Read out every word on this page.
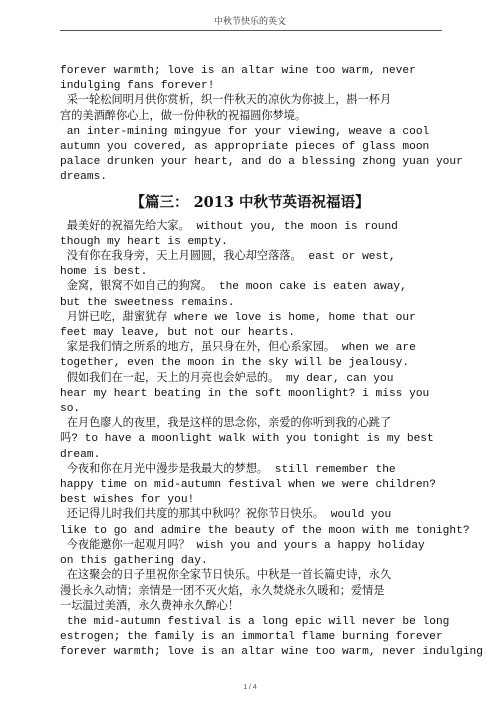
中秋节快乐的英文
forever warmth; love is an altar wine too warm, never
indulging fans forever!
采一轮松间明月供你赏析，织一件秋天的凉伙为你披上，斟一杯月
宫的美酒醉你心上，做一份仲秋的祝福圆你梦境。
an inter-mining mingyue for your viewing, weave a cool
autumn you covered, as appropriate pieces of glass moon
palace drunken your heart, and do a blessing zhong yuan your
dreams.
【篇三： 2013 中秋节英语祝福语】
最美好的祝福先给大家。 without you, the moon is round
though my heart is empty.
没有你在我身旁，天上月圆圆，我心却空落落。 east or west,
home is best.
金窝，银窝不如自己的狗窝。 the moon cake is eaten away,
but the sweetness remains.
月饼已吃，甜蜜犹存 where we love is home, home that our
feet may leave, but not our hearts.
家是我们情之所系的地方，虽只身在外，但心系家园。 when we are
together, even the moon in the sky will be jealousy.
假如我们在一起，天上的月亮也会妒忌的。 my dear, can you
hear my heart beating in the soft moonlight? i miss you
so.
在月色廖人的夜里，我是这样的思念你，亲爱的你听到我的心跳了
吗? to have a moonlight walk with you tonight is my best
dream.
今夜和你在月光中漫步是我最大的梦想。 still remember the
happy time on mid-autumn festival when we were children?
best wishes for you!
还记得儿时我们共度的那其中秋吗？祝你节日快乐。 would you
like to go and admire the beauty of the moon with me tonight?
今夜能邀你一起观月吗？ wish you and yours a happy holiday
on this gathering day.
在这聚会的日子里祝你全家节日快乐。中秋是一首长篇史诗，永久
漫长永久动情；亲情是一团不灭火焰，永久焚烧永久暖和；爱情是
一坛温过美酒，永久费神永久醉心！
the mid-autumn festival is a long epic will never be long
estrogen; the family is an immortal flame burning forever
forever warmth; love is an altar wine too warm, never indulging
1 / 4
